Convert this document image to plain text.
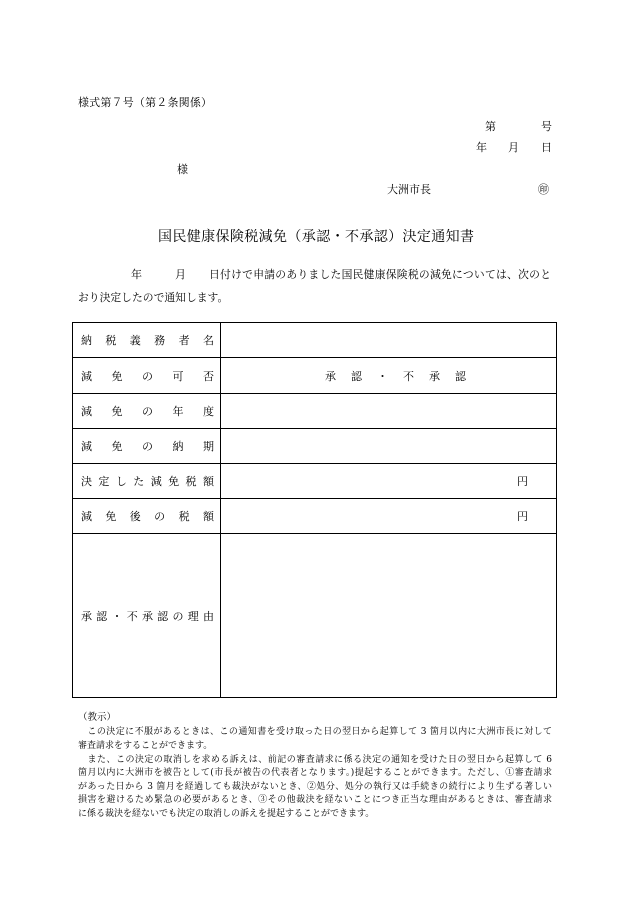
様式第７号（第２条関係）
第	号
年 月 日
様
大洲市長	㊞
国民健康保険税減免（承認・不承認）決定通知書
年	月 日付けで申請のありました国民健康保険税の減免については、次のと
おり決定したので通知します。
納 税 義 務 者 名
減 免 の 可 否	承 認 ・ 不 承 認
減 免 の 年 度
減 免 の 納 期
決 定 し た 減 免 税 額	円
減 免 後 の 税 額	円
承 認 ・ 不 承 認 の 理 由
（教示）
　この決定に不服があるときは、この通知書を受け取った日の翌日から起算して 3 箇月以内に大洲市長に対して
審査請求をすることができます。
　また、この決定の取消しを求める訴えは、前記の審査請求に係る決定の通知を受けた日の翌日から起算して 6
箇月以内に大洲市を被告として(市長が被告の代表者となります。)提起することができます。ただし、①審査請求
があった日から 3 箇月を経過しても裁決がないとき、②処分、処分の執行又は手続きの続行により生ずる著しい
損害を避けるため緊急の必要があるとき、③その他裁決を経ないことにつき正当な理由があるときは、審査請求
に係る裁決を経ないでも決定の取消しの訴えを提起することができます。
